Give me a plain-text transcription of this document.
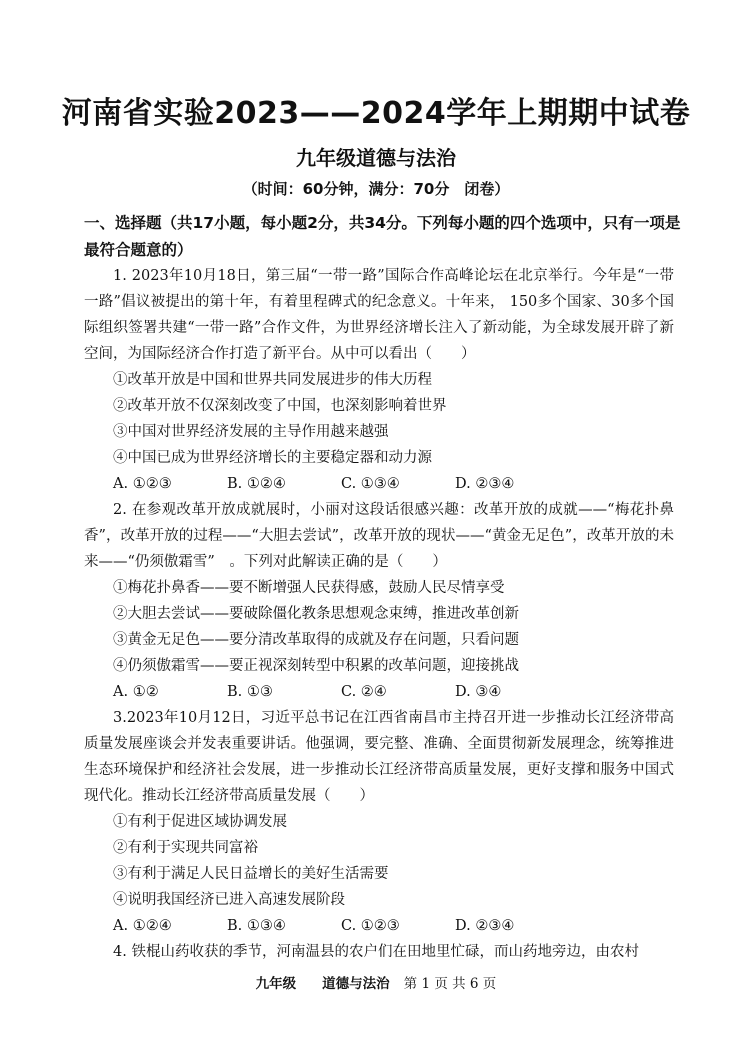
河南省实验2023——2024学年上期期中试卷
九年级道德与法治
（时间：60分钟，满分：70分　闭卷）
一、选择题（共17小题，每小题2分，共34分。下列每小题的四个选项中，只有一项是最符合题意的）

1. 2023年10月18日，第三届“一带一路”国际合作高峰论坛在北京举行。今年是“一带一路”倡议被提出的第十年，有着里程碑式的纪念意义。十年来， 150多个国家、30多个国际组织签署共建“一带一路”合作文件，为世界经济增长注入了新动能，为全球发展开辟了新空间，为国际经济合作打造了新平台。从中可以看出（　　）

①改革开放是中国和世界共同发展进步的伟大历程

②改革开放不仅深刻改变了中国，也深刻影响着世界

③中国对世界经济发展的主导作用越来越强

④中国已成为世界经济增长的主要稳定器和动力源

A. ①②③	B. ①②④	C. ①③④	D. ②③④

2. 在参观改革开放成就展时，小丽对这段话很感兴趣：改革开放的成就——“梅花扑鼻香”，改革开放的过程——“大胆去尝试”，改革开放的现状——“黄金无足色”，改革开放的未来——“仍须傲霜雪”　。下列对此解读正确的是（　　）

①梅花扑鼻香——要不断增强人民获得感，鼓励人民尽情享受

②大胆去尝试——要破除僵化教条思想观念束缚，推进改革创新

③黄金无足色——要分清改革取得的成就及存在问题，只看问题

④仍须傲霜雪——要正视深刻转型中积累的改革问题，迎接挑战

A. ①②	B. ①③	C. ②④	D. ③④

3.2023年10月12日，习近平总书记在江西省南昌市主持召开进一步推动长江经济带高质量发展座谈会并发表重要讲话。他强调，要完整、准确、全面贯彻新发展理念，统筹推进生态环境保护和经济社会发展，进一步推动长江经济带高质量发展，更好支撑和服务中国式现代化。推动长江经济带高质量发展（　　）

①有利于促进区域协调发展

②有利于实现共同富裕

③有利于满足人民日益增长的美好生活需要

④说明我国经济已进入高速发展阶段

A. ①②④	B. ①③④	C. ①②③	D. ②③④

4. 铁棍山药收获的季节，河南温县的农户们在田地里忙碌，而山药地旁边，由农村

九年级 道德与法治 第 1 页 共 6 页
